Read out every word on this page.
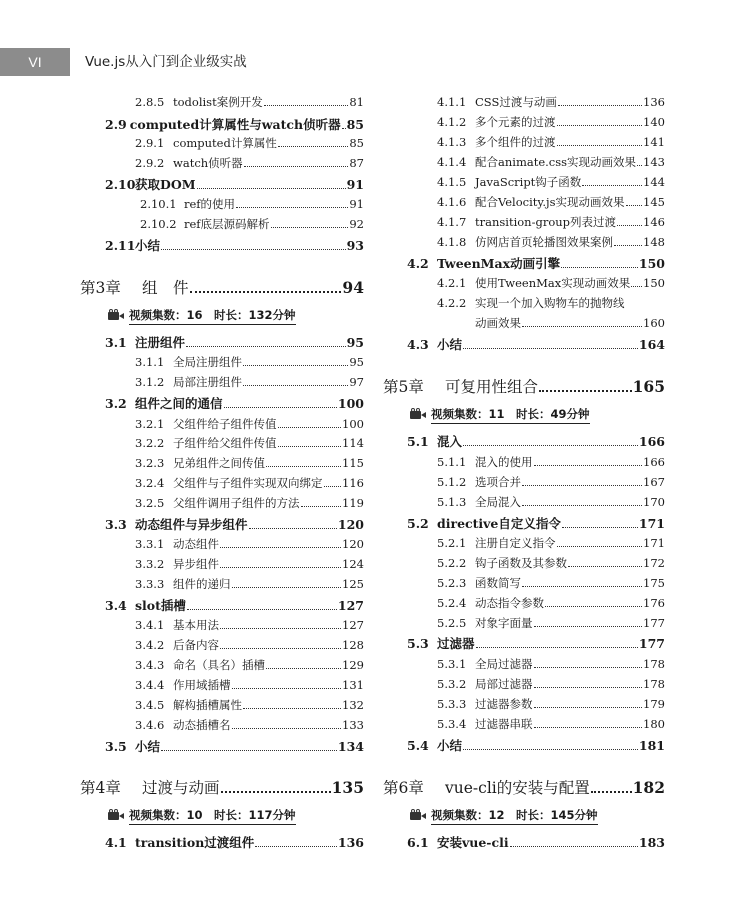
VI	Vue.js从入门到企业级实战
2.8.5 todolist案例开发	81
2.9 computed计算属性与watch侦听器 85
2.9.1 computed计算属性	85
2.9.2 watch侦听器	87
2.10 获取DOM	91
2.10.1 ref的使用	91
2.10.2 ref底层源码解析	92
2.11 小结	93
第3章	组　件	94
视频集数：16　时长：132分钟
3.1 注册组件	95
3.1.1 全局注册组件	95
3.1.2 局部注册组件	97
3.2 组件之间的通信	100
3.2.1 父组件给子组件传值	100
3.2.2 子组件给父组件传值	114
3.2.3 兄弟组件之间传值	115
3.2.4 父组件与子组件实现双向绑定 116
3.2.5 父组件调用子组件的方法	119
3.3 动态组件与异步组件	120
3.3.1 动态组件	120
3.3.2 异步组件	124
3.3.3 组件的递归	125
3.4 slot插槽	127
3.4.1 基本用法	127
3.4.2 后备内容	128
3.4.3 命名（具名）插槽	129
3.4.4 作用域插槽	131
3.4.5 解构插槽属性	132
3.4.6 动态插槽名	133
3.5 小结	134
第4章	过渡与动画	135
视频集数：10　时长：117分钟
4.1 transition过渡组件	136
4.1.1 CSS过渡与动画	136
4.1.2 多个元素的过渡	140
4.1.3 多个组件的过渡	141
4.1.4 配合animate.css实现动画效果 143
4.1.5 JavaScript钩子函数	144
4.1.6 配合Velocity.js实现动画效果 145
4.1.7 transition-group列表过渡 146
4.1.8 仿网店首页轮播图效果案例	148
4.2 TweenMax动画引擎	150
4.2.1 使用TweenMax实现动画效果 150
4.2.2 实现一个加入购物车的抛物线
动画效果	160
4.3 小结	164
第5章	可复用性组合	165
视频集数：11　时长：49分钟
5.1 混入	166
5.1.1 混入的使用	166
5.1.2 选项合并	167
5.1.3 全局混入	170
5.2 directive自定义指令	171
5.2.1 注册自定义指令	171
5.2.2 钩子函数及其参数	172
5.2.3 函数简写	175
5.2.4 动态指令参数	176
5.2.5 对象字面量	177
5.3 过滤器	177
5.3.1 全局过滤器	178
5.3.2 局部过滤器	178
5.3.3 过滤器参数	179
5.3.4 过滤器串联	180
5.4 小结	181
第6章	vue-cli的安装与配置	182
视频集数：12　时长：145分钟
6.1 安装vue-cli	183
